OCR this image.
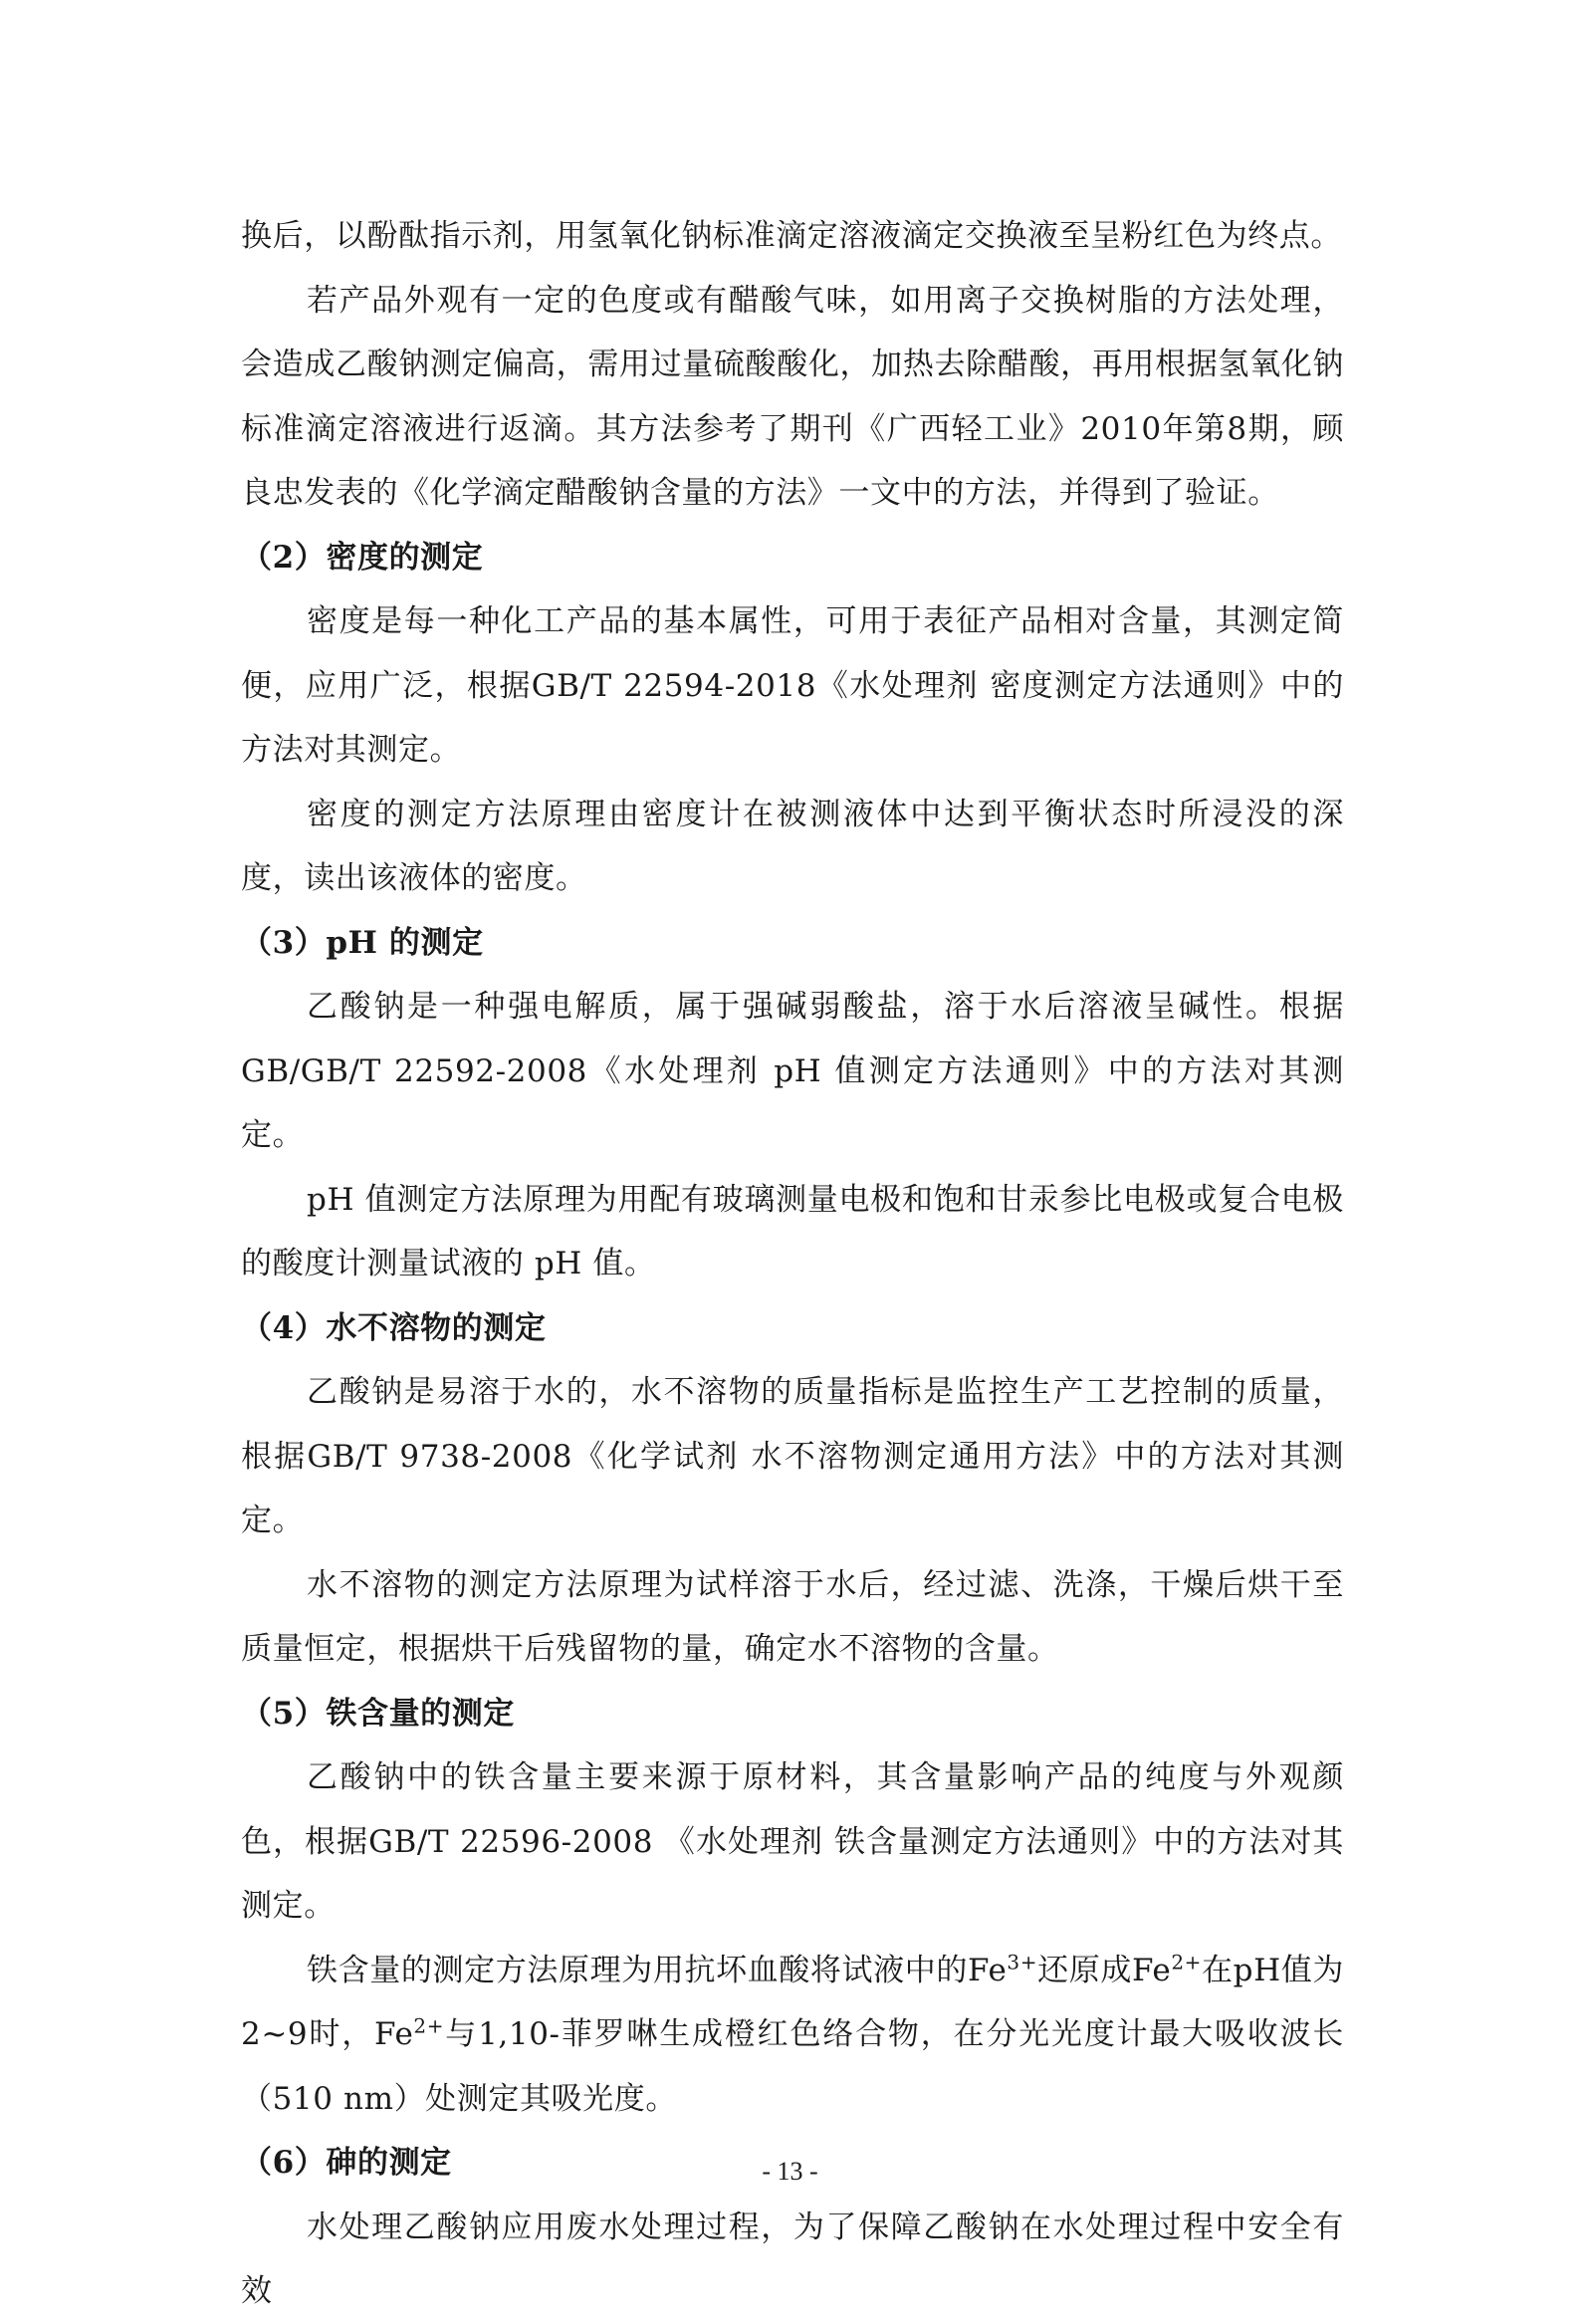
换后，以酚酞指示剂，用氢氧化钠标准滴定溶液滴定交换液至呈粉红色为终点。

若产品外观有一定的色度或有醋酸气味，如用离子交换树脂的方法处理，会造成乙酸钠测定偏高，需用过量硫酸酸化，加热去除醋酸，再用根据氢氧化钠标准滴定溶液进行返滴。其方法参考了期刊《广西轻工业》2010年第8期，顾良忠发表的《化学滴定醋酸钠含量的方法》一文中的方法，并得到了验证。

（2）密度的测定

密度是每一种化工产品的基本属性，可用于表征产品相对含量，其测定简便，应用广泛，根据GB/T 22594-2018《水处理剂 密度测定方法通则》中的方法对其测定。

密度的测定方法原理由密度计在被测液体中达到平衡状态时所浸没的深度，读出该液体的密度。

（3）pH 的测定

乙酸钠是一种强电解质，属于强碱弱酸盐，溶于水后溶液呈碱性。根据GB/GB/T 22592-2008《水处理剂 pH 值测定方法通则》中的方法对其测定。

pH 值测定方法原理为用配有玻璃测量电极和饱和甘汞参比电极或复合电极的酸度计测量试液的 pH 值。

（4）水不溶物的测定

乙酸钠是易溶于水的，水不溶物的质量指标是监控生产工艺控制的质量，根据GB/T 9738-2008《化学试剂 水不溶物测定通用方法》中的方法对其测定。

水不溶物的测定方法原理为试样溶于水后，经过滤、洗涤，干燥后烘干至质量恒定，根据烘干后残留物的量，确定水不溶物的含量。

（5）铁含量的测定

乙酸钠中的铁含量主要来源于原材料，其含量影响产品的纯度与外观颜色，根据GB/T 22596-2008 《水处理剂 铁含量测定方法通则》中的方法对其测定。

铁含量的测定方法原理为用抗坏血酸将试液中的$Fe^{3+}$还原成$Fe^{2+}$在pH值为2~9时，$Fe^{2+}$与1,10-菲罗啉生成橙红色络合物，在分光光度计最大吸收波长（510 nm）处测定其吸光度。

（6）砷的测定

水处理乙酸钠应用废水处理过程，为了保障乙酸钠在水处理过程中安全有效

- 13 -
